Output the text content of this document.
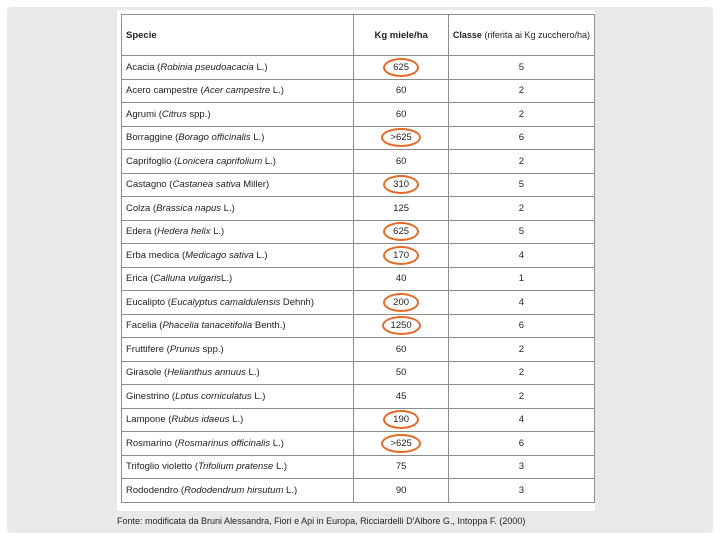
Specie	Kg miele/ha	Classe (riferita ai Kg zucchero/ha)
Acacia (Robinia pseudoacacia L.)	625	5
Acero campestre (Acer campestre L.)	60	2
Agrumi (Citrus spp.)	60	2
Borraggine (Borago officinalis L.)	>625	6
Caprifoglio (Lonicera caprifolium L.)	60	2
Castagno (Castanea sativa Miller)	310	5
Colza (Brassica napus L.)	125	2
Edera (Hedera helix L.)	625	5
Erba medica (Medicago sativa L.)	170	4
Erica (Calluna vulgarisL.)	40	1
Eucalipto (Eucalyptus camaldulensis Dehnh)	200	4
Facelia (Phacelia tanacetifolia Benth.)	1250	6
Fruttifere (Prunus spp.)	60	2
Girasole (Helianthus annuus L.)	50	2
Ginestrino (Lotus corniculatus L.)	45	2
Lampone (Rubus idaeus L.)	190	4
Rosmarino (Rosmarinus officinalis L.)	>625	6
Trifoglio violetto (Trifolium pratense L.)	75	3
Rododendro (Rododendrum hirsutum L.)	90	3
Fonte: modificata da Bruni Alessandra, Fiori e Api in Europa, Ricciardelli D'Albore G., Intoppa F. (2000)
